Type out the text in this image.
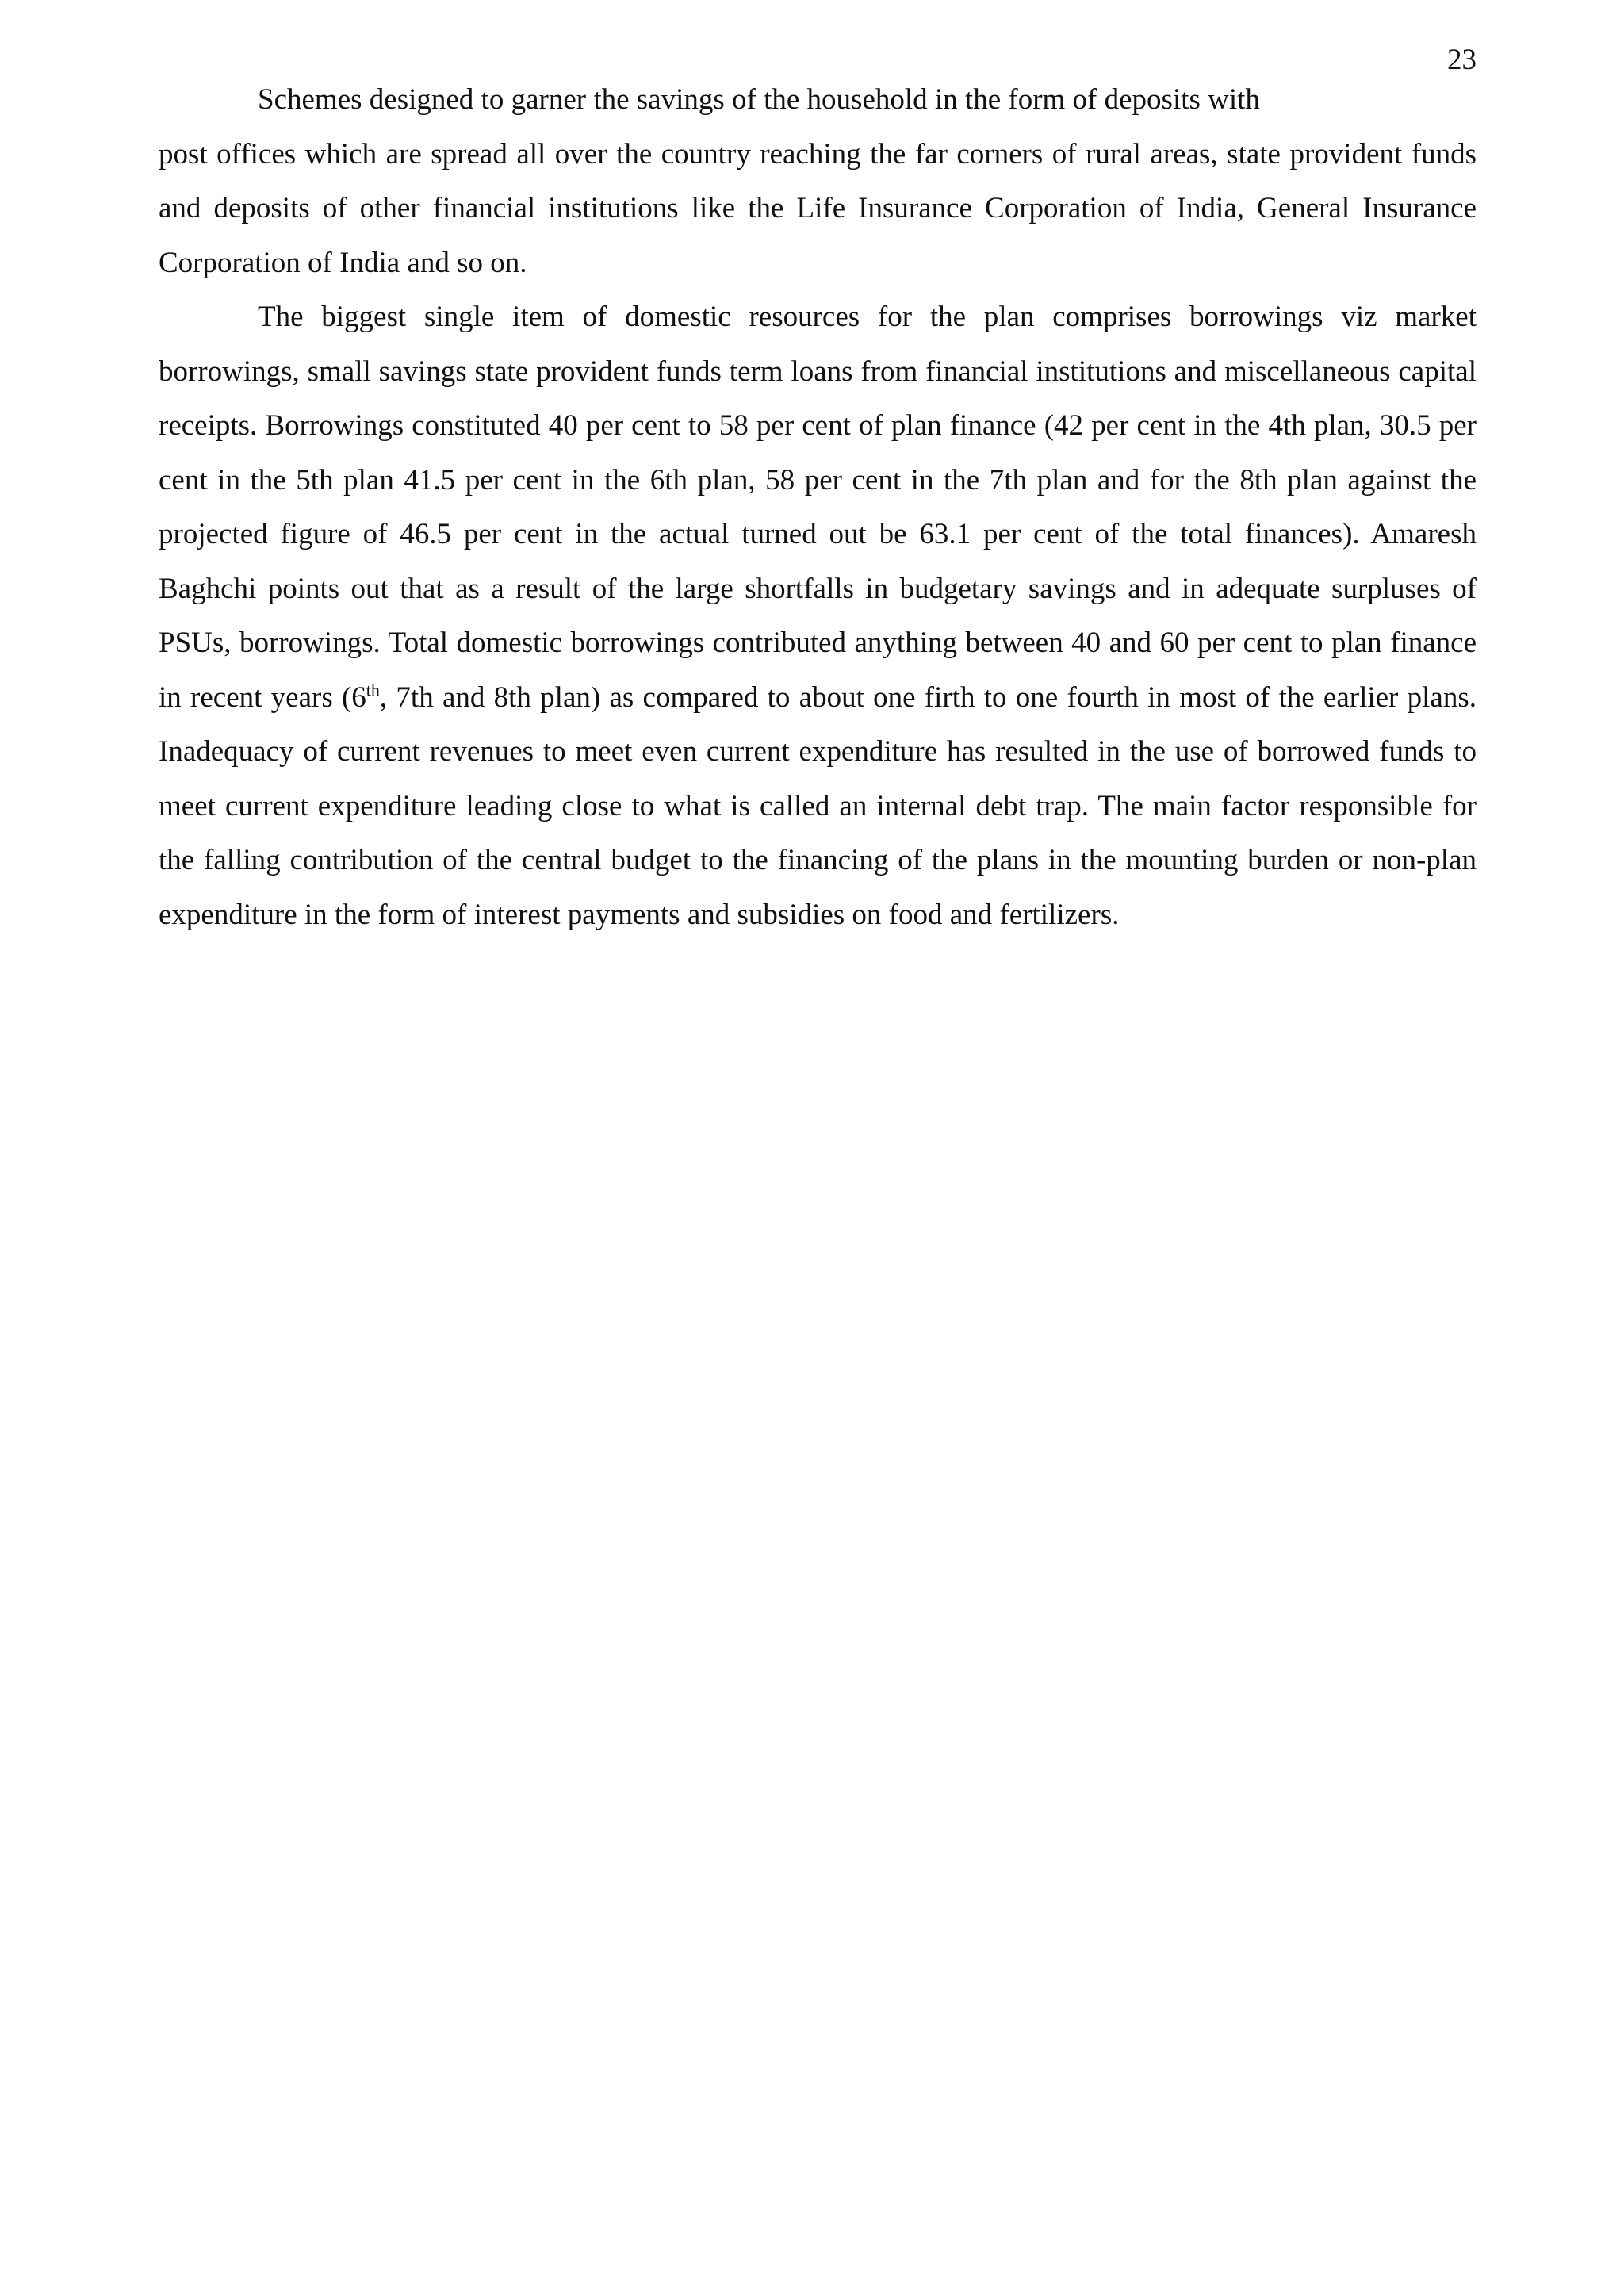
23

Schemes designed to garner the savings of the household in the form of deposits with
post offices which are spread all over the country reaching the far corners of rural areas, state provident funds and deposits of other financial institutions like the Life Insurance Corporation of India, General Insurance Corporation of India and so on.

The biggest single item of domestic resources for the plan comprises borrowings viz market borrowings, small savings state provident funds term loans from financial institutions and miscellaneous capital receipts. Borrowings constituted 40 per cent to 58 per cent of plan finance (42 per cent in the 4th plan, 30.5 per cent in the 5th plan 41.5 per cent in the 6th plan, 58 per cent in the 7th plan and for the 8th plan against the projected figure of 46.5 per cent in the actual turned out be 63.1 per cent of the total finances). Amaresh Baghchi points out that as a result of the large shortfalls in budgetary savings and in adequate surpluses of PSUs, borrowings. Total domestic borrowings contributed anything between 40 and 60 per cent to plan finance in recent years (6th, 7th and 8th plan) as compared to about one firth to one fourth in most of the earlier plans. Inadequacy of current revenues to meet even current expenditure has resulted in the use of borrowed funds to meet current expenditure leading close to what is called an internal debt trap. The main factor responsible for the falling contribution of the central budget to the financing of the plans in the mounting burden or non-plan expenditure in the form of interest payments and subsidies on food and fertilizers.
